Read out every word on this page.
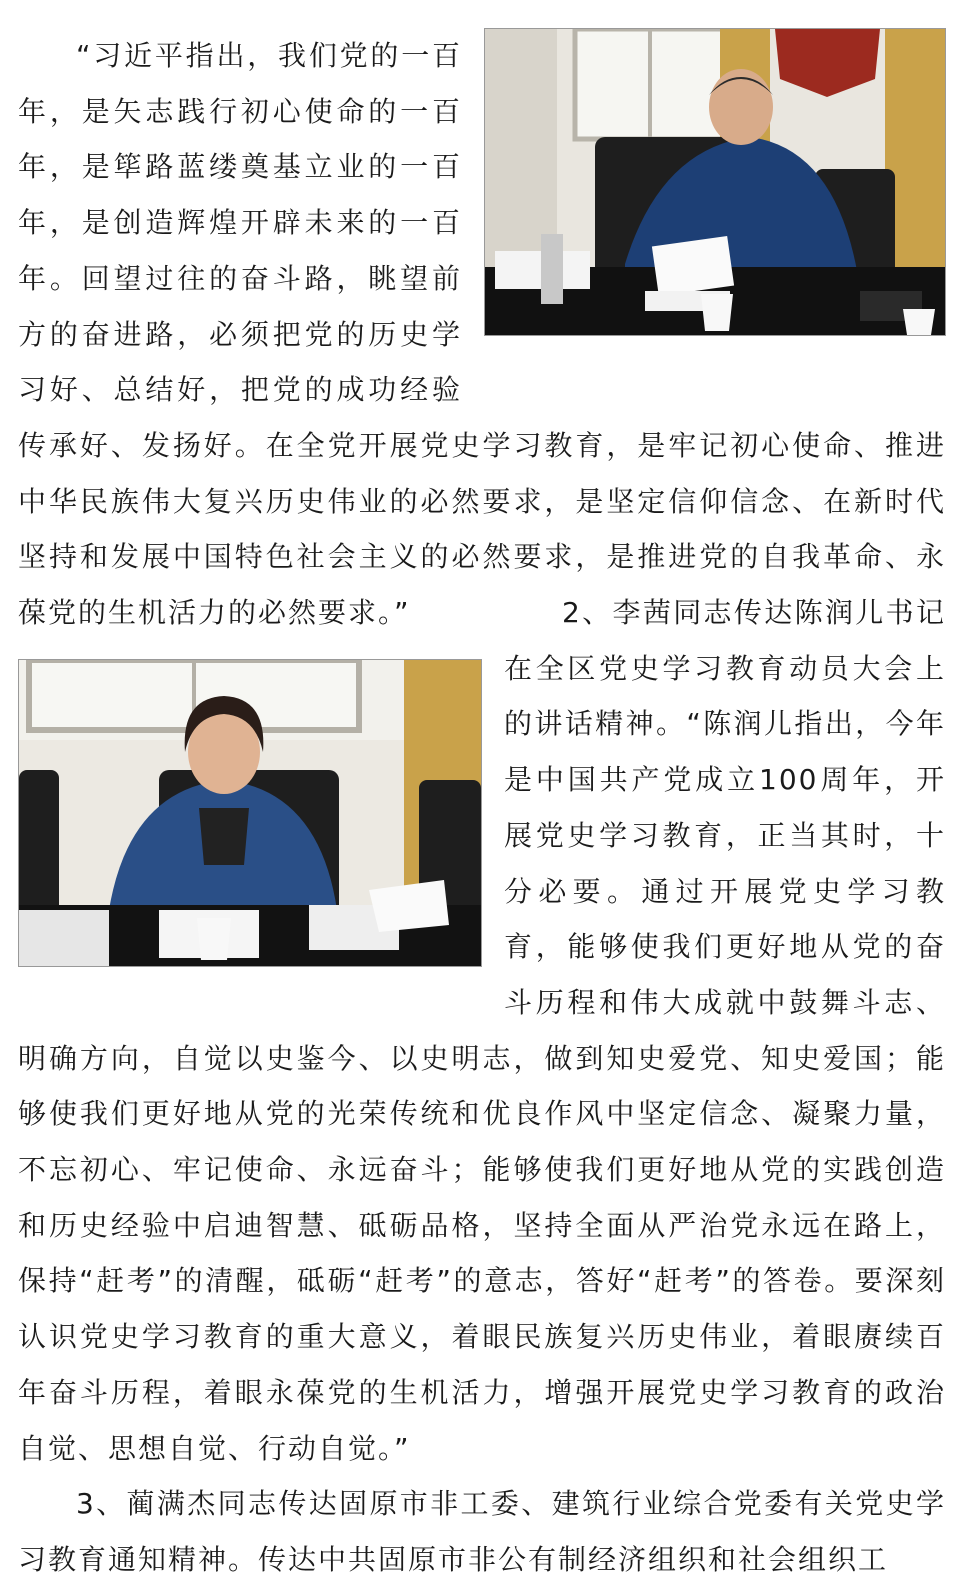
“习近平指出，我们党的一百年，是矢志践行初心使命的一百年，是筚路蓝缕奠基立业的一百年，是创造辉煌开辟未来的一百年。回望过往的奋斗路，眺望前方的奋进路，必须把党的历史学习好、总结好，把党的成功经验传承好、发扬好。在全党开展党史学习教育，是牢记初心使命、推进中华民族伟大复兴历史伟业的必然要求，是坚定信仰信念、在新时代坚持和发展中国特色社会主义的必然要求，是推进党的自我革命、永葆党的生机活力的必然要求。”	2、李茜同志传达陈润儿书记在全区党史学习教育动员大会上的讲话精神。“陈润儿指出，今年是中国共产党成立100周年，开展党史学习教育，正当其时，十分必要。通过开展党史学习教育，能够使我们更好地从党的奋斗历程和伟大成就中鼓舞斗志、明确方向，自觉以史鉴今、以史明志，做到知史爱党、知史爱国；能够使我们更好地从党的光荣传统和优良作风中坚定信念、凝聚力量，不忘初心、牢记使命、永远奋斗；能够使我们更好地从党的实践创造和历史经验中启迪智慧、砥砺品格，坚持全面从严治党永远在路上，保持“赶考”的清醒，砥砺“赶考”的意志，答好“赶考”的答卷。要深刻认识党史学习教育的重大意义，着眼民族复兴历史伟业，着眼赓续百年奋斗历程，着眼永葆党的生机活力，增强开展党史学习教育的政治自觉、思想自觉、行动自觉。”

3、蔺满杰同志传达固原市非工委、建筑行业综合党委有关党史学习教育通知精神。传达中共固原市非公有制经济组织和社会组织工
